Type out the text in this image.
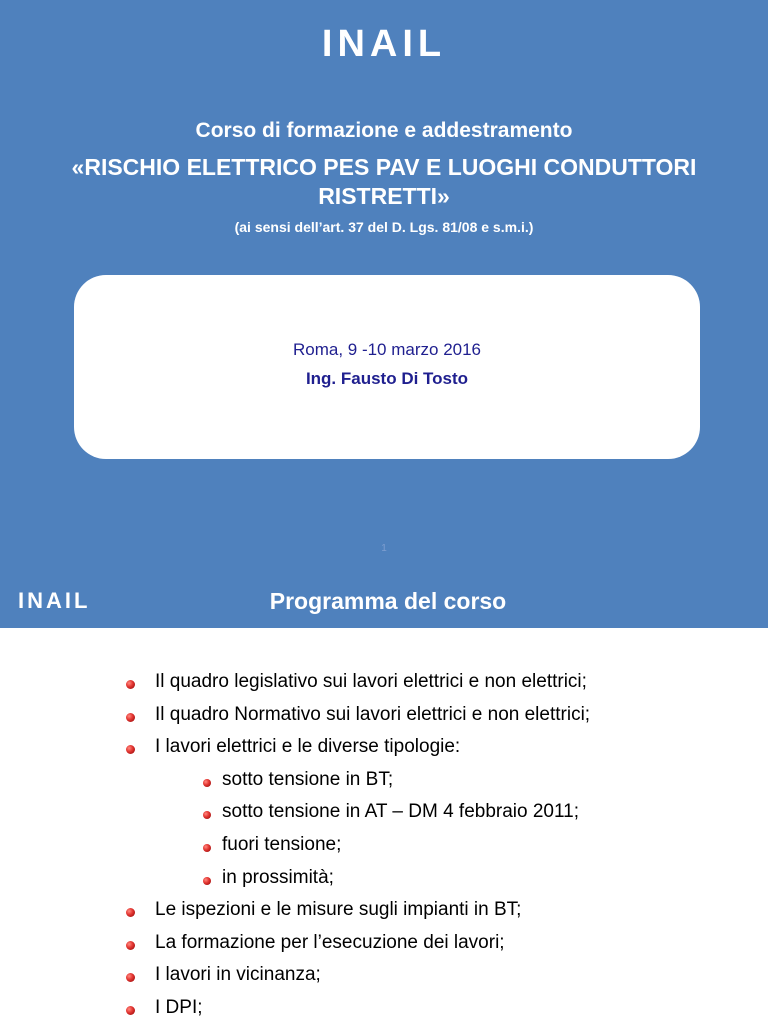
INAIL
Corso di formazione e addestramento
«RISCHIO ELETTRICO PES PAV E LUOGHI CONDUTTORI RISTRETTI»
(ai sensi dell’art. 37 del D. Lgs. 81/08 e s.m.i.)
Roma, 9 -10 marzo 2016
Ing. Fausto Di Tosto
1
INAIL	Programma del corso
Il quadro legislativo sui lavori elettrici e non elettrici;
Il quadro Normativo sui lavori elettrici e non elettrici;
I lavori elettrici e le diverse tipologie:
sotto tensione in BT;
sotto tensione in AT – DM 4 febbraio 2011;
fuori tensione;
in prossimità;
Le ispezioni e le misure sugli impianti in BT;
La formazione per l’esecuzione dei lavori;
I lavori in vicinanza;
I DPI;
